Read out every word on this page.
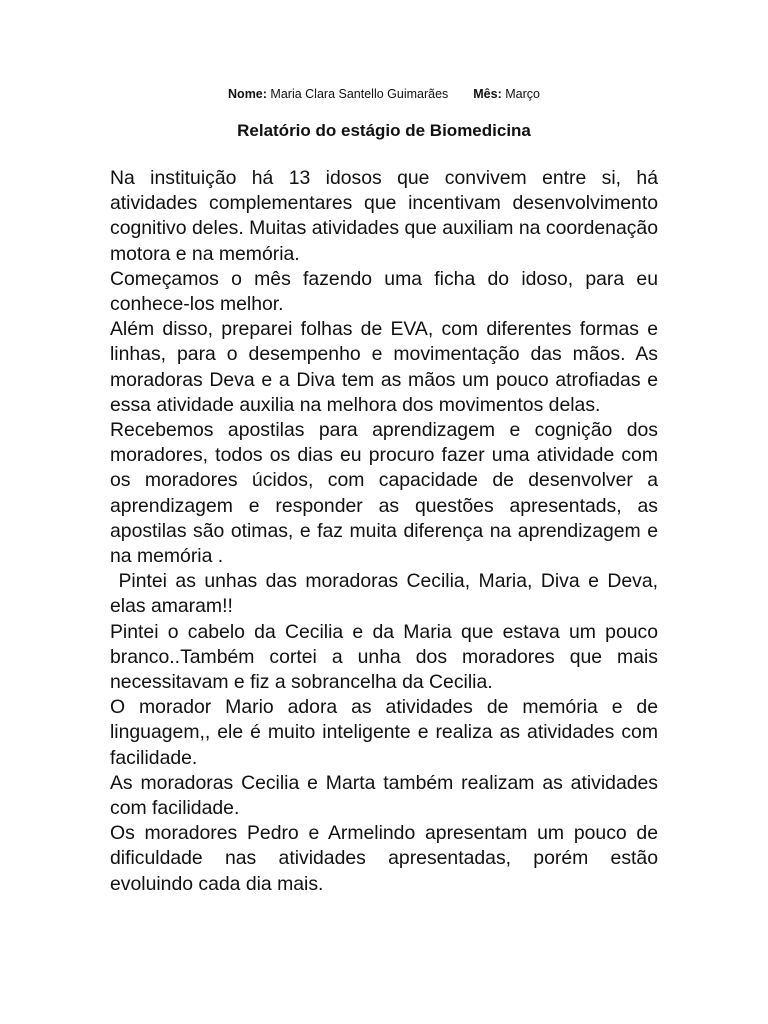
Nome: Maria Clara Santello Guimarães Mês: Março
Relatório do estágio de Biomedicina

Na instituição há 13 idosos que convivem entre si, há atividades complementares que incentivam desenvolvimento cognitivo deles. Muitas atividades que auxiliam na coordenação motora e na memória.

Começamos o mês fazendo uma ficha do idoso, para eu conhece-los melhor.

Além disso, preparei folhas de EVA, com diferentes formas e linhas, para o desempenho e movimentação das mãos. As moradoras Deva e a Diva tem as mãos um pouco atrofiadas e essa atividade auxilia na melhora dos movimentos delas.

Recebemos apostilas para aprendizagem e cognição dos moradores, todos os dias eu procuro fazer uma atividade com os moradores úcidos, com capacidade de desenvolver a aprendizagem e responder as questões apresentads, as apostilas são otimas, e faz muita diferença na aprendizagem e na memória .

Pintei as unhas das moradoras Cecilia, Maria, Diva e Deva, elas amaram!!

Pintei o cabelo da Cecilia e da Maria que estava um pouco branco..Também cortei a unha dos moradores que mais necessitavam e fiz a sobrancelha da Cecilia.

O morador Mario adora as atividades de memória e de linguagem,, ele é muito inteligente e realiza as atividades com facilidade.

As moradoras Cecilia e Marta também realizam as atividades com facilidade.

Os moradores Pedro e Armelindo apresentam um pouco de dificuldade nas atividades apresentadas, porém estão evoluindo cada dia mais.
